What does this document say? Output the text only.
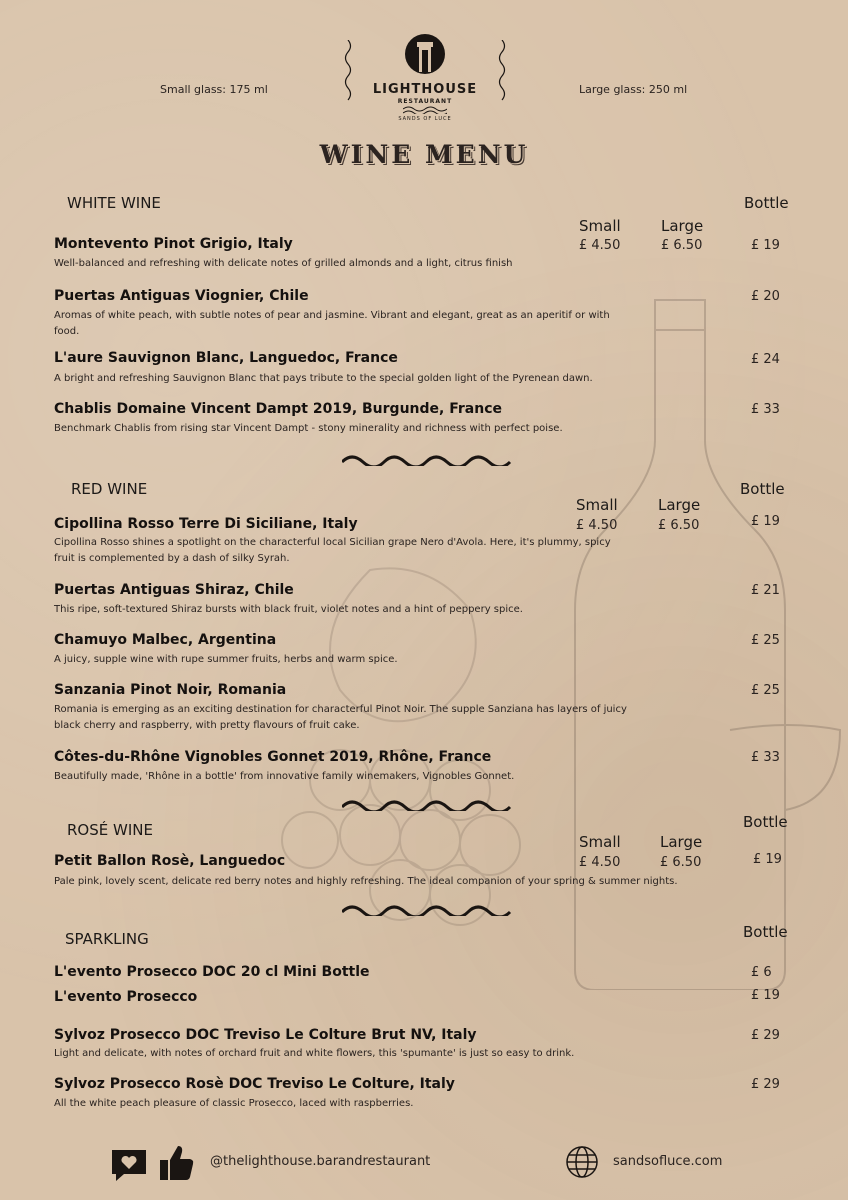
Small glass: 175 ml	Large glass: 250 ml
LIGHTHOUSE
RESTAURANT
SANDS OF LUCE
WINE MENU
WHITE WINE	Bottle
Small	Large
Montevento Pinot Grigio, Italy	£ 4.50	£ 6.50	£ 19
Well-balanced and refreshing with delicate notes of grilled almonds and a light, citrus finish
Puertas Antiguas Viognier, Chile	£ 20
Aromas of white peach, with subtle notes of pear and jasmine. Vibrant and elegant, great as an aperitif or with food.
L'aure Sauvignon Blanc, Languedoc, France	£ 24
A bright and refreshing Sauvignon Blanc that pays tribute to the special golden light of the Pyrenean dawn.
Chablis Domaine Vincent Dampt 2019, Burgunde, France	£ 33
Benchmark Chablis from rising star Vincent Dampt - stony minerality and richness with perfect poise.
RED WINE	Bottle
Small	Large
Cipollina Rosso Terre Di Siciliane, Italy	£ 4.50	£ 6.50	£ 19
Cipollina Rosso shines a spotlight on the characterful local Sicilian grape Nero d'Avola. Here, it's plummy, spicy fruit is complemented by a dash of silky Syrah.
Puertas Antiguas Shiraz, Chile	£ 21
This ripe, soft-textured Shiraz bursts with black fruit, violet notes and a hint of peppery spice.
Chamuyo Malbec, Argentina	£ 25
A juicy, supple wine with rupe summer fruits, herbs and warm spice.
Sanzania Pinot Noir, Romania	£ 25
Romania is emerging as an exciting destination for characterful Pinot Noir. The supple Sanziana has layers of juicy black cherry and raspberry, with pretty flavours of fruit cake.
Côtes-du-Rhône Vignobles Gonnet 2019, Rhône, France	£ 33
Beautifully made, 'Rhône in a bottle' from innovative family winemakers, Vignobles Gonnet.
ROSÉ WINE	Bottle
Small	Large
Petit Ballon Rosè, Languedoc	£ 4.50	£ 6.50	£ 19
Pale pink, lovely scent, delicate red berry notes and highly refreshing. The ideal companion of your spring & summer nights.
SPARKLING	Bottle
L'evento Prosecco DOC 20 cl Mini Bottle	£ 6
L'evento Prosecco	£ 19
Sylvoz Prosecco DOC Treviso Le Colture Brut NV, Italy	£ 29
Light and delicate, with notes of orchard fruit and white flowers, this 'spumante' is just so easy to drink.
Sylvoz Prosecco Rosè DOC Treviso Le Colture, Italy	£ 29
All the white peach pleasure of classic Prosecco, laced with raspberries.
@thelighthouse.barandrestaurant	sandsofluce.com
